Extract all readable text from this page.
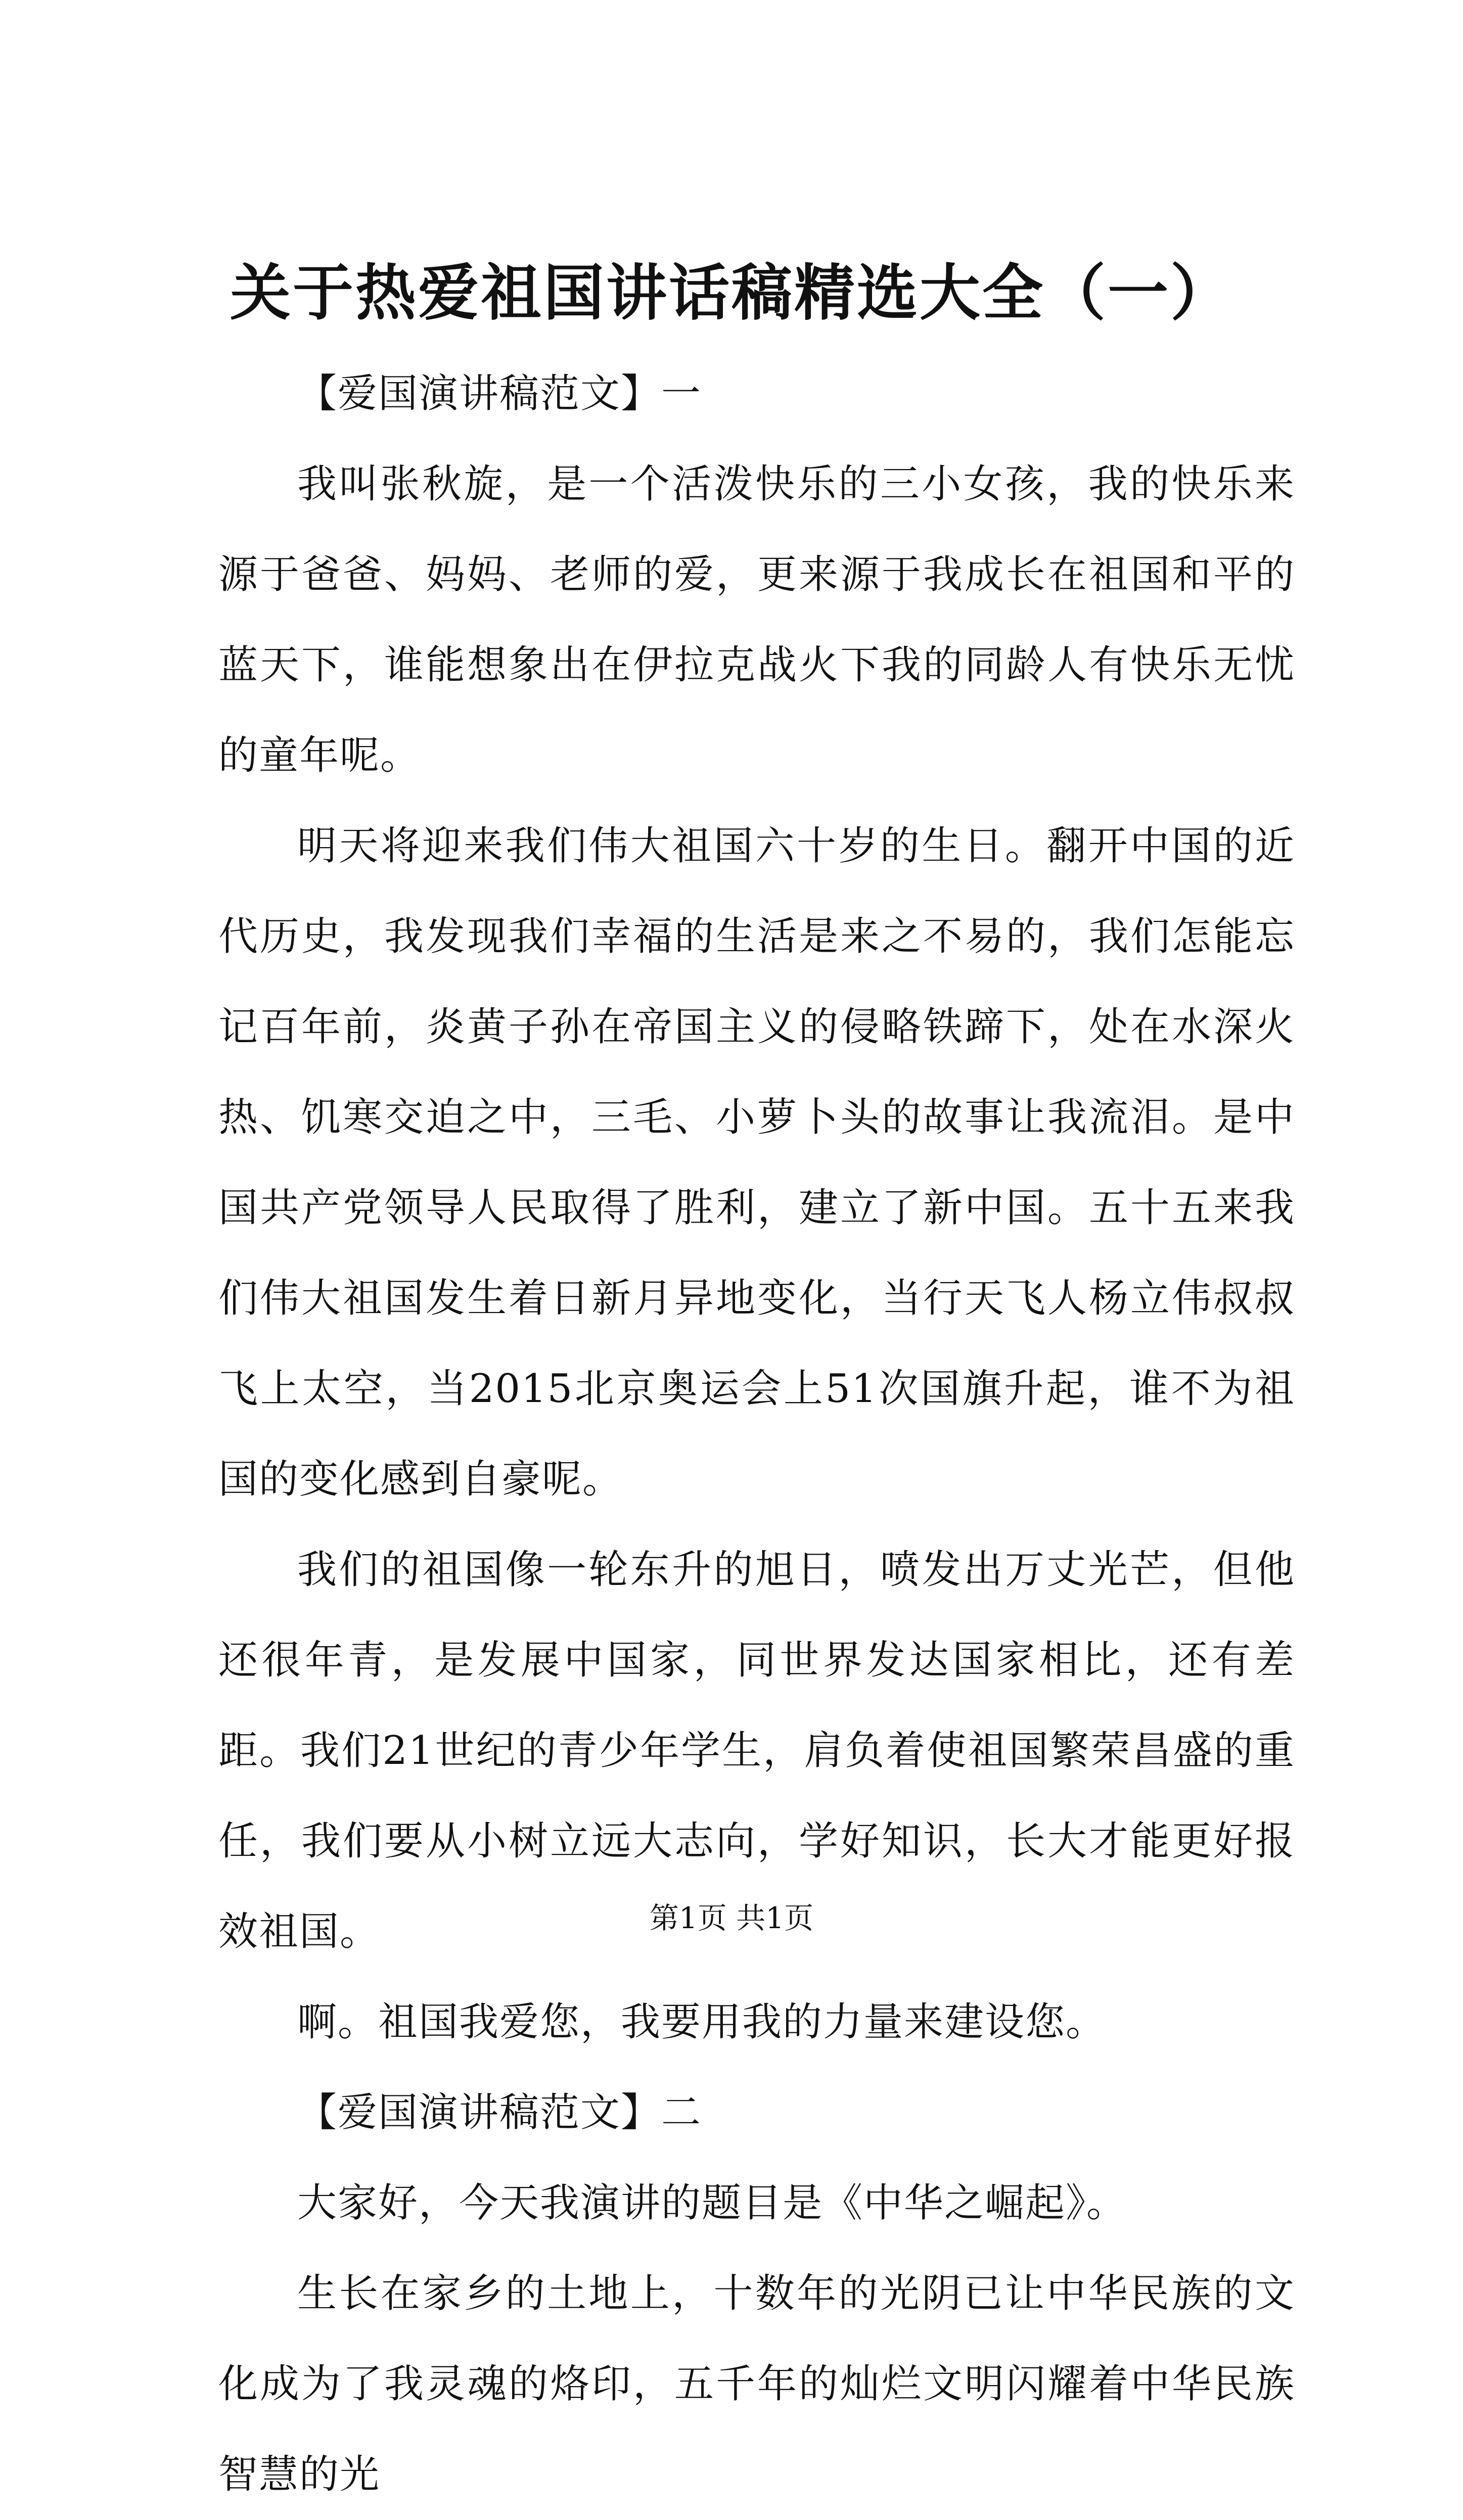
关于热爱祖国讲话稿精选大全（一）

【爱国演讲稿范文】一

我叫张秋旋，是一个活泼快乐的三小女孩，我的快乐来源于爸爸、妈妈、老师的爱，更来源于我成长在祖国和平的蓝天下，谁能想象出在伊拉克战火下我的同龄人有快乐无忧的童年呢。

明天将迎来我们伟大祖国六十岁的生日。翻开中国的近代历史，我发现我们幸福的生活是来之不易的，我们怎能忘记百年前，炎黄子孙在帝国主义的侵略铁蹄下，处在水深火热、饥寒交迫之中，三毛、小萝卜头的故事让我流泪。是中国共产党领导人民取得了胜利，建立了新中国。五十五来我们伟大祖国发生着日新月异地变化，当行天飞人杨立伟叔叔飞上太空，当2015北京奥运会上51次国旗升起，谁不为祖国的变化感到自豪呢。

我们的祖国像一轮东升的旭日，喷发出万丈光芒，但他还很年青，是发展中国家，同世界发达国家相比，还有差距。我们21世纪的青少年学生，肩负着使祖国繁荣昌盛的重任，我们要从小树立远大志向，学好知识，长大才能更好报效祖国。

啊。祖国我爱您，我要用我的力量来建设您。

【爱国演讲稿范文】二

大家好，今天我演讲的题目是《中华之崛起》。

生长在家乡的土地上，十数年的光阴已让中华民族的文化成为了我灵魂的烙印，五千年的灿烂文明闪耀着中华民族智慧的光

第1页 共1页
